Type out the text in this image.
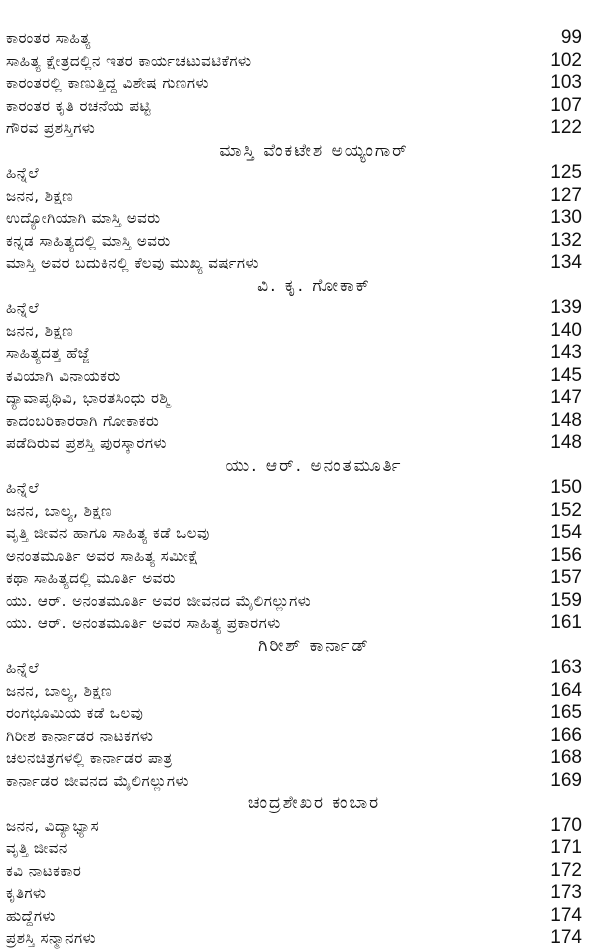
ಕಾರಂತರ ಸಾಹಿತ್ಯ	99
ಸಾಹಿತ್ಯ ಕ್ಷೇತ್ರದಲ್ಲಿನ ಇತರ ಕಾರ್ಯಚಟುವಟಿಕೆಗಳು	102
ಕಾರಂತರಲ್ಲಿ ಕಾಣುತ್ತಿದ್ದ ವಿಶೇಷ ಗುಣಗಳು	103
ಕಾರಂತರ ಕೃತಿ ರಚನೆಯ ಪಟ್ಟಿ	107
ಗೌರವ ಪ್ರಶಸ್ತಿಗಳು	122
ಮಾಸ್ತಿ ವೆಂಕಟೇಶ ಅಯ್ಯಂಗಾರ್
ಹಿನ್ನೆಲೆ	125
ಜನನ, ಶಿಕ್ಷಣ	127
ಉದ್ಯೋಗಿಯಾಗಿ ಮಾಸ್ತಿ ಅವರು	130
ಕನ್ನಡ ಸಾಹಿತ್ಯದಲ್ಲಿ ಮಾಸ್ತಿ ಅವರು	132
ಮಾಸ್ತಿ ಅವರ ಬದುಕಿನಲ್ಲಿ ಕೆಲವು ಮುಖ್ಯ ವರ್ಷಗಳು	134
ವಿ. ಕೃ. ಗೋಕಾಕ್
ಹಿನ್ನೆಲೆ	139
ಜನನ, ಶಿಕ್ಷಣ	140
ಸಾಹಿತ್ಯದತ್ತ ಹೆಜ್ಜೆ	143
ಕವಿಯಾಗಿ ವಿನಾಯಕರು	145
ದ್ಯಾವಾಪೃಥಿವಿ, ಭಾರತಸಿಂಧು ರಶ್ಮಿ	147
ಕಾದಂಬರಿಕಾರರಾಗಿ ಗೋಕಾಕರು	148
ಪಡೆದಿರುವ ಪ್ರಶಸ್ತಿ ಪುರಸ್ಕಾರಗಳು	148
ಯು. ಆರ್. ಅನಂತಮೂರ್ತಿ
ಹಿನ್ನೆಲೆ	150
ಜನನ, ಬಾಲ್ಯ, ಶಿಕ್ಷಣ	152
ವೃತ್ತಿ ಜೀವನ ಹಾಗೂ ಸಾಹಿತ್ಯ ಕಡೆ ಒಲವು	154
ಅನಂತಮೂರ್ತಿ ಅವರ ಸಾಹಿತ್ಯ ಸಮೀಕ್ಷೆ	156
ಕಥಾ ಸಾಹಿತ್ಯದಲ್ಲಿ ಮೂರ್ತಿ ಅವರು	157
ಯು. ಆರ್. ಅನಂತಮೂರ್ತಿ ಅವರ ಜೀವನದ ಮೈಲಿಗಲ್ಲುಗಳು	159
ಯು. ಆರ್. ಅನಂತಮೂರ್ತಿ ಅವರ ಸಾಹಿತ್ಯ ಪ್ರಕಾರಗಳು	161
ಗಿರೀಶ್ ಕಾರ್ನಾಡ್
ಹಿನ್ನೆಲೆ	163
ಜನನ, ಬಾಲ್ಯ, ಶಿಕ್ಷಣ	164
ರಂಗಭೂಮಿಯ ಕಡೆ ಒಲವು	165
ಗಿರೀಶ ಕಾರ್ನಾಡರ ನಾಟಕಗಳು	166
ಚಲನಚಿತ್ರಗಳಲ್ಲಿ ಕಾರ್ನಾಡರ ಪಾತ್ರ	168
ಕಾರ್ನಾಡರ ಜೀವನದ ಮೈಲಿಗಲ್ಲುಗಳು	169
ಚಂದ್ರಶೇಖರ ಕಂಬಾರ
ಜನನ, ವಿದ್ಯಾಭ್ಯಾಸ	170
ವೃತ್ತಿ ಜೀವನ	171
ಕವಿ ನಾಟಕಕಾರ	172
ಕೃತಿಗಳು	173
ಹುದ್ದೆಗಳು	174
ಪ್ರಶಸ್ತಿ ಸನ್ಮಾನಗಳು	174
